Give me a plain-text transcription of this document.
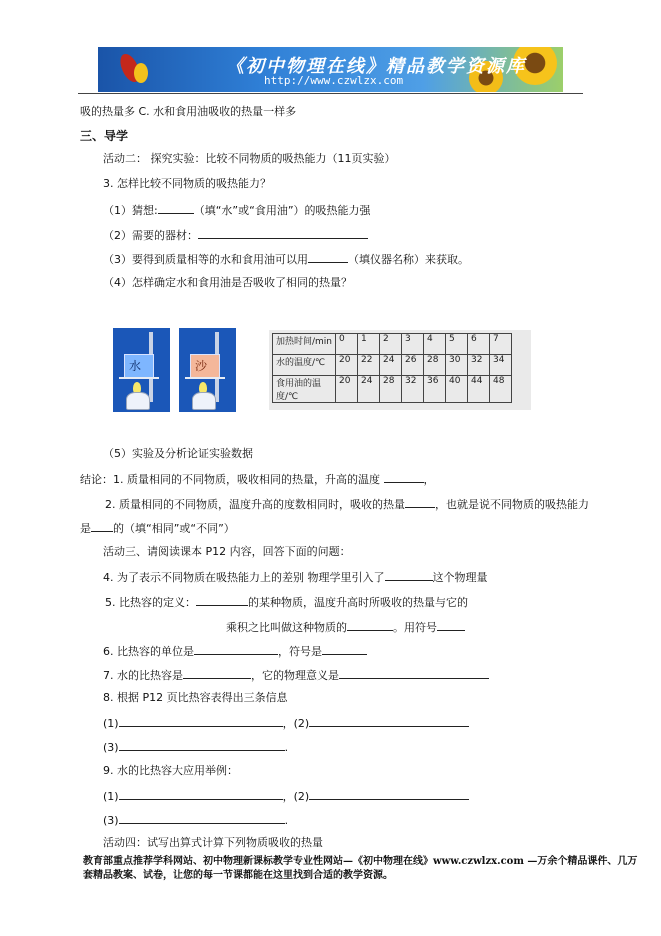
《初中物理在线》精品教学资源库
http://www.czwlzx.com
吸的热量多 C. 水和食用油吸收的热量一样多
三、导学
活动二： 探究实验：比较不同物质的吸热能力（11页实验）
3. 怎样比较不同物质的吸热能力？
（1）猜想:	（填“水”或“食用油”）的吸热能力强
（2）需要的器材：
（3）要得到质量相等的水和食用油可以用	（填仪器名称）来获取。
（4）怎样确定水和食用油是否吸收了相同的热量？
水	沙
加热时间/min	0	1	2	3	4	5	6	7
水的温度/℃	20	22	24	26	28	30	32	34
食用油的温度/℃	20	24	28	32	36	40	44	48
（5）实验及分析论证实验数据
结论：1. 质量相同的不同物质，吸收相同的热量，升高的温度	，
2. 质量相同的不同物质，温度升高的度数相同时，吸收的热量	，也就是说不同物质的吸热能力
是 的（填“相同”或“不同”）
活动三、请阅读课本 P12 内容，回答下面的问题：
4. 为了表示不同物质在吸热能力上的差别 物理学里引入了	这个物理量
5. 比热容的定义：	的某种物质，温度升高时所吸收的热量与它的
乘积之比叫做这种物质的	。用符号
6. 比热容的单位是	，符号是
7. 水的比热容是	，它的物理意义是
8. 根据 P12 页比热容表得出三条信息
(1)	，(2)
(3)	.
9. 水的比热容大应用举例：
(1)	，(2)
(3)	.
活动四：试写出算式计算下列物质吸收的热量
教育部重点推荐学科网站、初中物理新课标教学专业性网站—《初中物理在线》www.czwlzx.com —万余个精品课件、几万套精品教案、试卷，让您的每一节课都能在这里找到合适的教学资源。
